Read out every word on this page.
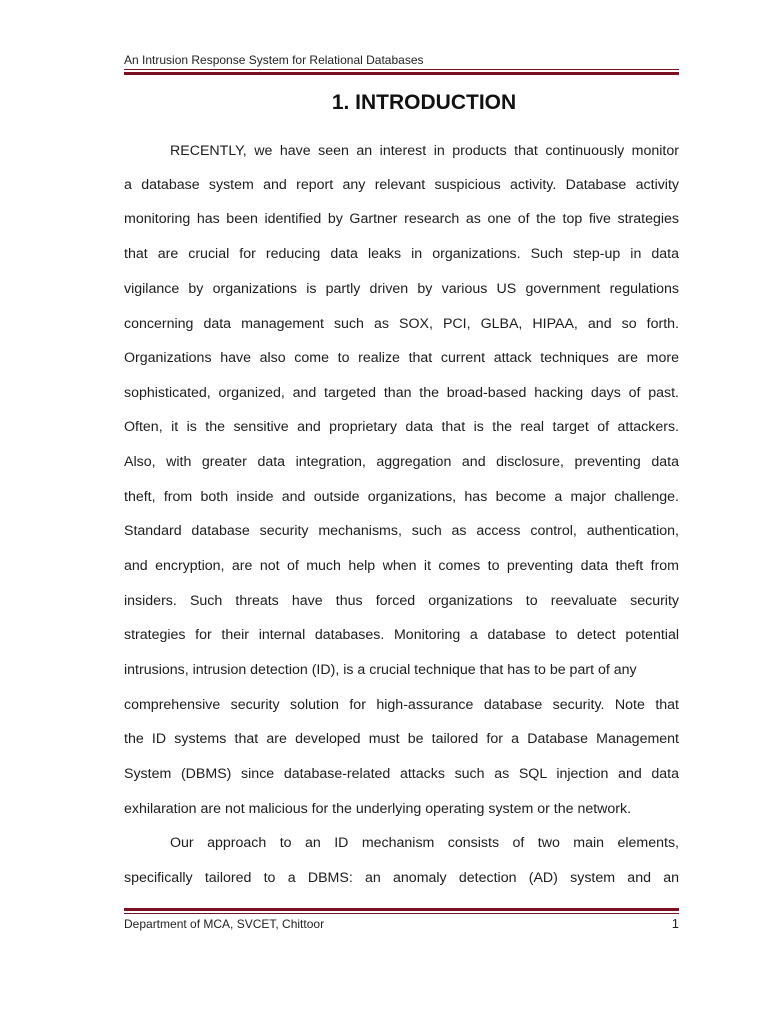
An Intrusion Response System for Relational Databases
1. INTRODUCTION
RECENTLY, we have seen an interest in products that continuously monitor
a database system and report any relevant suspicious activity. Database activity
monitoring has been identified by Gartner research as one of the top five strategies
that are crucial for reducing data leaks in organizations. Such step-up in data
vigilance by organizations is partly driven by various US government regulations
concerning data management such as SOX, PCI, GLBA, HIPAA, and so forth.
Organizations have also come to realize that current attack techniques are more
sophisticated, organized, and targeted than the broad-based hacking days of past.
Often, it is the sensitive and proprietary data that is the real target of attackers.
Also, with greater data integration, aggregation and disclosure, preventing data
theft, from both inside and outside organizations, has become a major challenge.
Standard database security mechanisms, such as access control, authentication,
and encryption, are not of much help when it comes to preventing data theft from
insiders. Such threats have thus forced organizations to reevaluate security
strategies for their internal databases. Monitoring a database to detect potential
intrusions, intrusion detection (ID), is a crucial technique that has to be part of any
comprehensive security solution for high-assurance database security. Note that
the ID systems that are developed must be tailored for a Database Management
System (DBMS) since database-related attacks such as SQL injection and data
exhilaration are not malicious for the underlying operating system or the network.
Our approach to an ID mechanism consists of two main elements,
specifically tailored to a DBMS: an anomaly detection (AD) system and an
Department of MCA, SVCET, Chittoor	1
